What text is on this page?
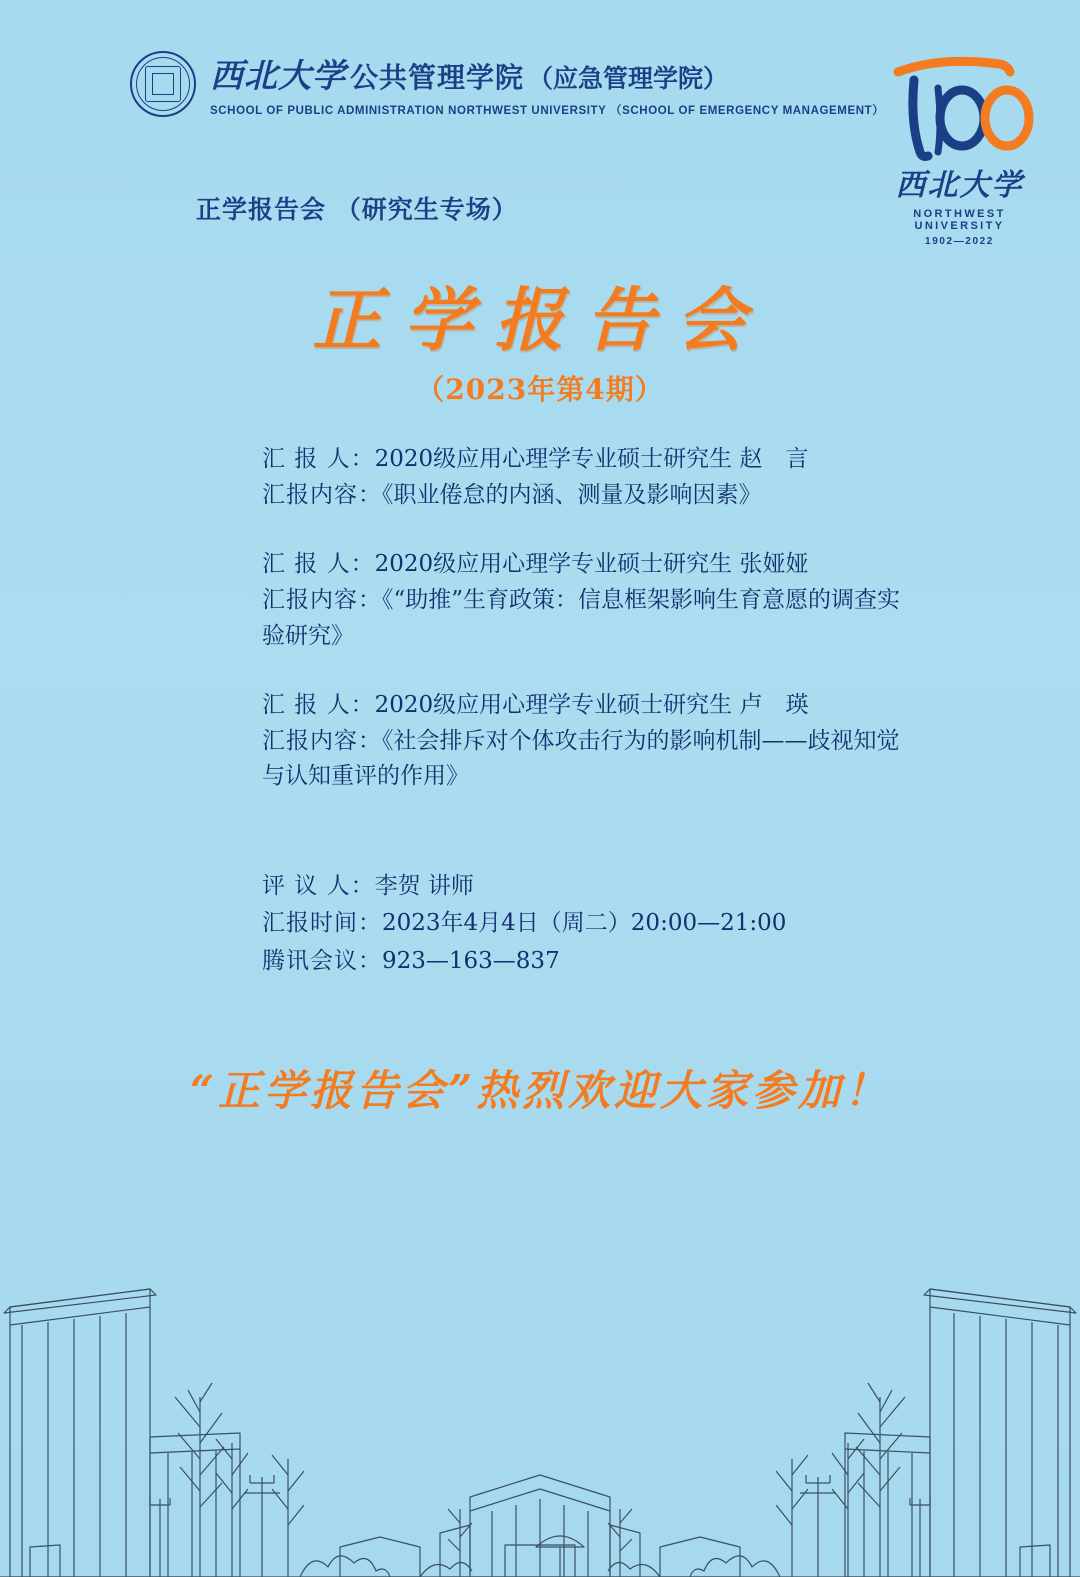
西北大学 公共管理学院 （应急管理学院）
SCHOOL OF PUBLIC ADMINISTRATION NORTHWEST UNIVERSITY （SCHOOL OF EMERGENCY MANAGEMENT）
西北大学
NORTHWEST UNIVERSITY
1902—2022
正学报告会 （研究生专场）
正学报告会
（2023年第4期）
汇 报 人：2020级应用心理学专业硕士研究生 赵　言
汇报内容：《职业倦怠的内涵、测量及影响因素》
汇 报 人：2020级应用心理学专业硕士研究生 张娅娅
汇报内容：《“助推”生育政策：信息框架影响生育意愿的调查实验研究》
汇 报 人：2020级应用心理学专业硕士研究生 卢　瑛
汇报内容：《社会排斥对个体攻击行为的影响机制——歧视知觉与认知重评的作用》
评 议 人：李贺 讲师
汇报时间：2023年4月4日（周二）20:00—21:00
腾讯会议：923—163—837
“正学报告会”热烈欢迎大家参加！
